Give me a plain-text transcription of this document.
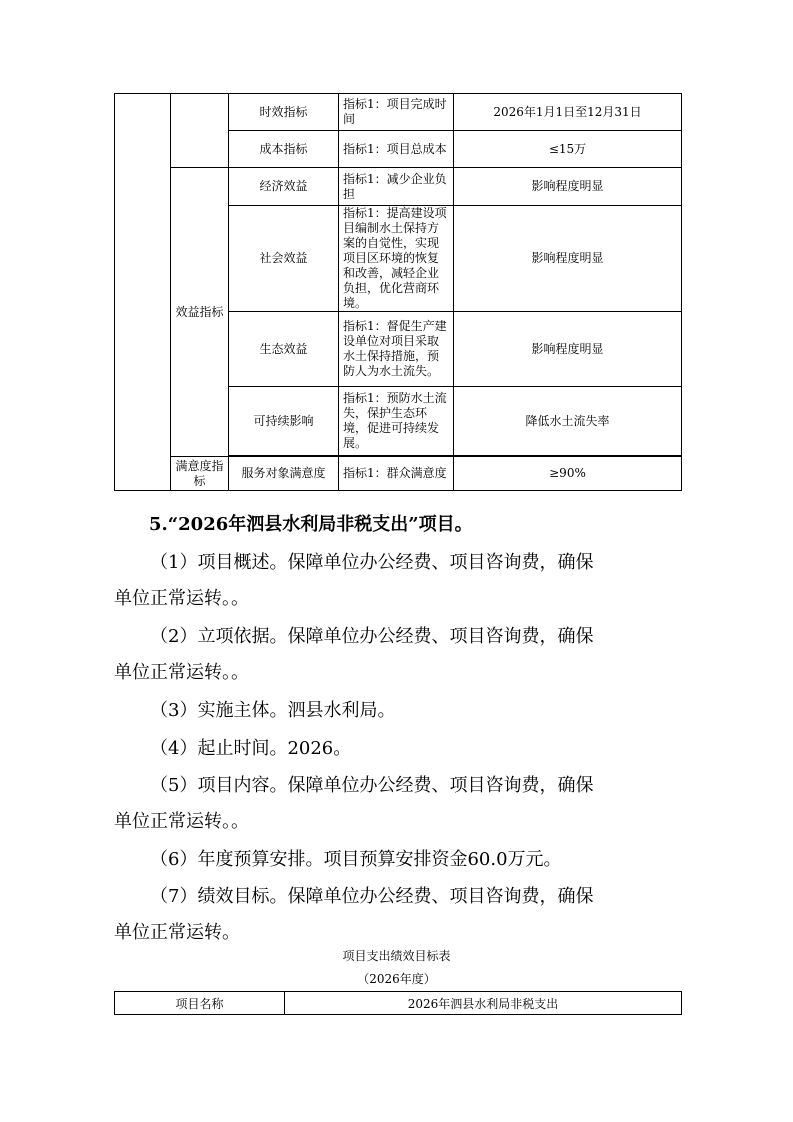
		时效指标	指标1：项目完成时间	2026年1月1日至12月31日
		成本指标	指标1：项目总成本	≤15万
	效益指标	经济效益	指标1：减少企业负担	影响程度明显
		社会效益	指标1：提高建设项目编制水土保持方案的自觉性，实现项目区环境的恢复和改善，减轻企业负担，优化营商环境。	影响程度明显
		生态效益	指标1：督促生产建设单位对项目采取水土保持措施，预防人为水土流失。	影响程度明显
		可持续影响	指标1：预防水土流失，保护生态环境，促进可持续发展。	降低水土流失率

	满意度指标	服务对象满意度	指标1：群众满意度	≥90%
5.“2026年泗县水利局非税支出”项目。
（1）项目概述。保障单位办公经费、项目咨询费，确保
单位正常运转。。
（2）立项依据。保障单位办公经费、项目咨询费，确保
单位正常运转。。
（3）实施主体。泗县水利局。
（4）起止时间。2026。
（5）项目内容。保障单位办公经费、项目咨询费，确保
单位正常运转。。
（6）年度预算安排。项目预算安排资金60.0万元。
（7）绩效目标。保障单位办公经费、项目咨询费，确保
单位正常运转。
项目支出绩效目标表
（2026年度）
项目名称	2026年泗县水利局非税支出
